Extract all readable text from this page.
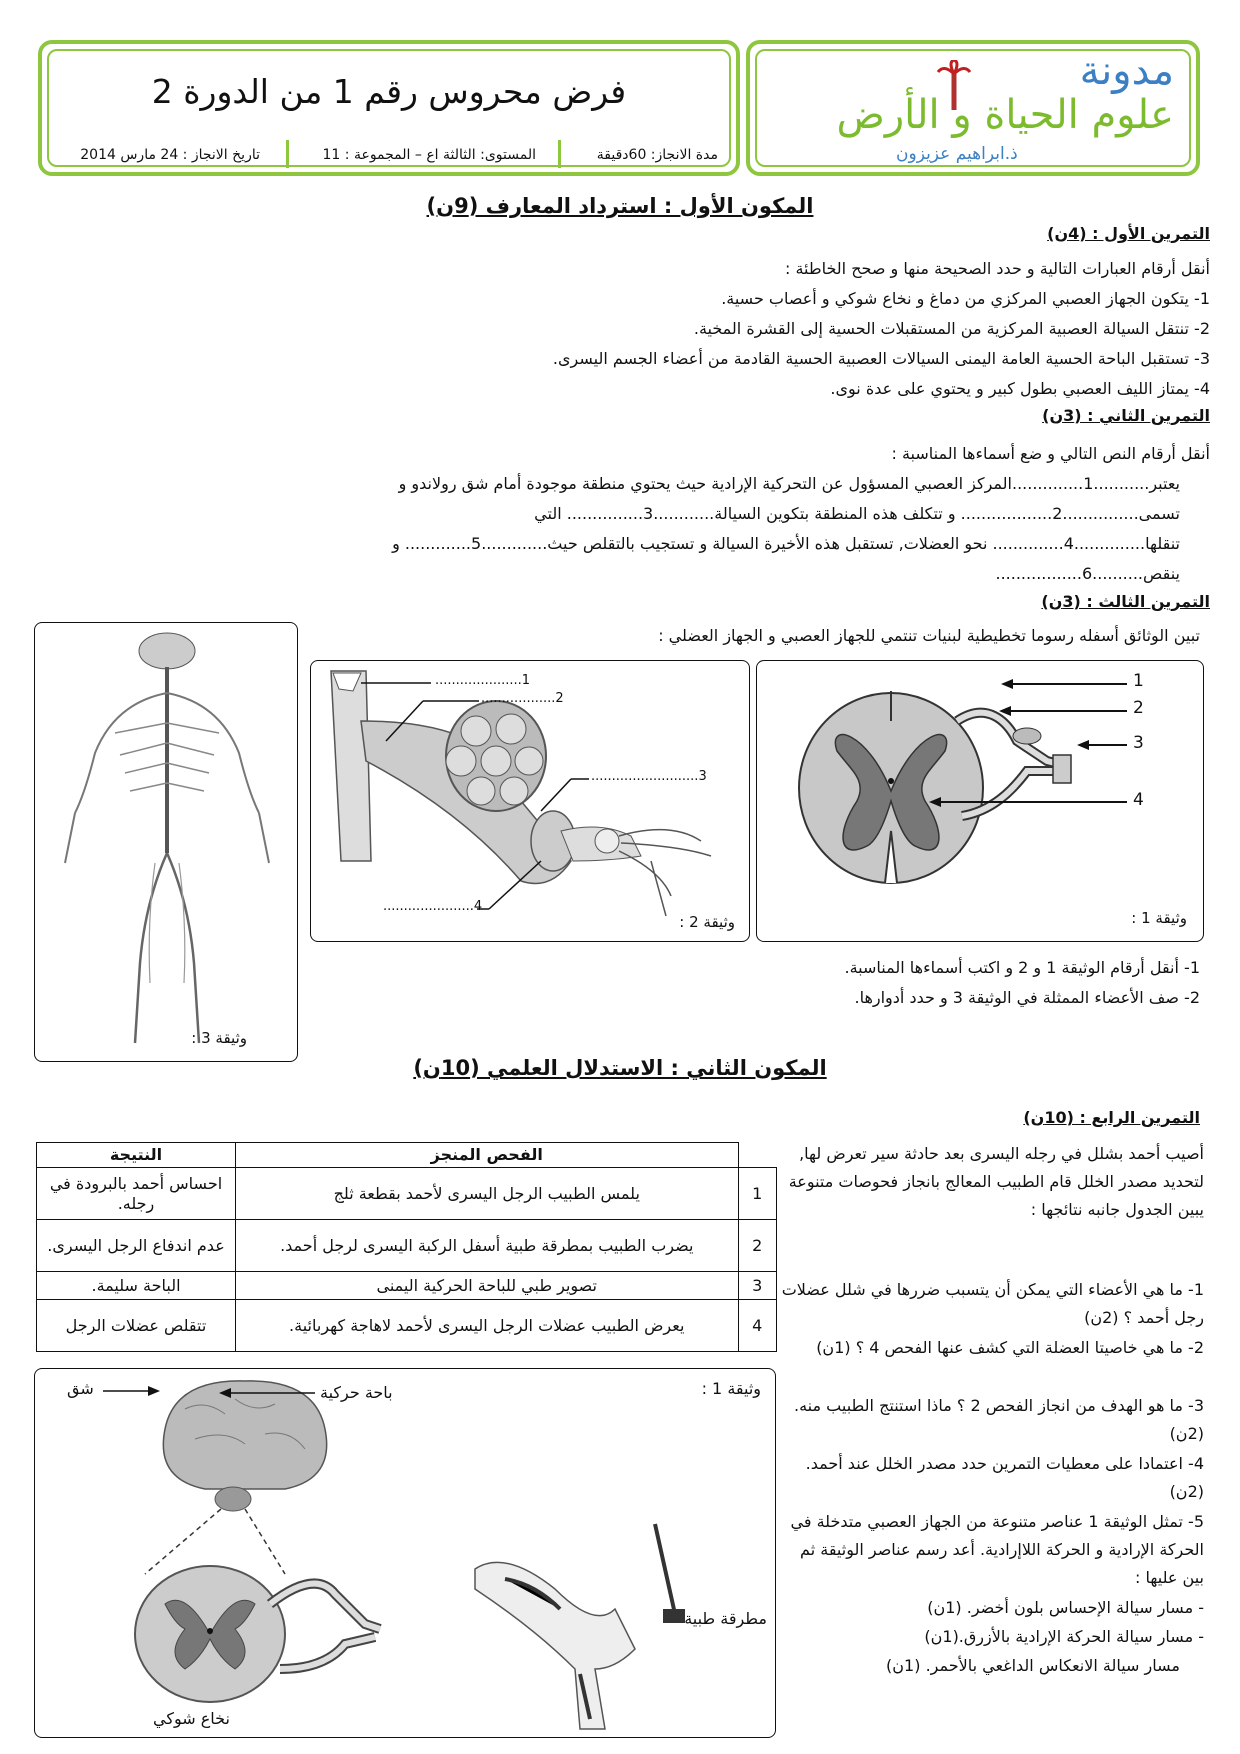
مدونة
علوم الحياة و الأرض
ذ.ابراهيم عزيزون
فرض محروس رقم 1 من الدورة 2
مدة الانجاز: 60دقيقة
المستوى: الثالثة اع – المجموعة : 11
تاريخ الانجاز : 24 مارس 2014
المكون الأول : استرداد المعارف (9ن)
التمرين الأول : (4ن)
أنقل أرقام العبارات التالية و حدد الصحيحة منها و صحح الخاطئة :
1- يتكون الجهاز العصبي المركزي من دماغ و نخاع شوكي و أعصاب حسية.
2- تنتقل السيالة العصبية المركزية من المستقبلات الحسية إلى القشرة المخية.
3- تستقبل الباحة الحسية العامة اليمنى السيالات العصبية الحسية القادمة من أعضاء الجسم اليسرى.
4- يمتاز الليف العصبي بطول كبير و يحتوي على عدة نوى.
التمرين الثاني : (3ن)
أنقل أرقام النص التالي و ضع أسماءها المناسبة :
يعتبر...........1..............المركز العصبي المسؤول عن التحركية الإرادية حيث يحتوي منطقة موجودة أمام شق رولاندو و
تسمى...............2.................. و تتكلف هذه المنطقة بتكوين السيالة............3............... التي
تنقلها..............4.............. نحو العضلات, تستقبل هذه الأخيرة السيالة و تستجيب بالتقلص حيث.............5............. و
ينقص..........6.................
التمرين الثالث : (3ن)
تبين الوثائق أسفله رسوما تخطيطية لبنيات تنتمي للجهاز العصبي و الجهاز العضلي :
1
2
3
4
وثيقة 1 :
.....................1
..................2
..........................3
......................4
وثيقة 2 :
وثيقة 3 :
1- أنقل أرقام الوثيقة 1 و 2 و اكتب أسماءها المناسبة.
2- صف الأعضاء الممثلة في الوثيقة 3 و حدد أدوارها.
المكون الثاني : الاستدلال العلمي (10ن)
التمرين الرابع : (10ن)
أصيب أحمد بشلل في رجله اليسرى بعد حادثة سير تعرض لها, لتحديد مصدر الخلل قام الطبيب المعالج بانجاز فحوصات متنوعة يبين الجدول جانبه نتائجها :
1- ما هي الأعضاء التي يمكن أن يتسبب ضررها في شلل عضلات رجل أحمد ؟ (2ن)
2- ما هي خاصيتا العضلة التي كشف عنها الفحص 4 ؟ (1ن)
3- ما هو الهدف من انجاز الفحص 2 ؟ ماذا استنتج الطبيب منه. (2ن)
4- اعتمادا على معطيات التمرين حدد مصدر الخلل عند أحمد. (2ن)
5- تمثل الوثيقة 1 عناصر متنوعة من الجهاز العصبي متدخلة في الحركة الإرادية و الحركة اللاإرادية. أعد رسم عناصر الوثيقة ثم بين عليها :
- مسار سيالة الإحساس بلون أخضر. (1ن)
- مسار سيالة الحركة الإرادية بالأزرق.(1ن)
مسار سيالة الانعكاس الداغعي بالأحمر. (1ن)
	الفحص المنجز	النتيجة
1	يلمس الطبيب الرجل اليسرى لأحمد بقطعة ثلج	احساس أحمد بالبرودة في رجله.
2	يضرب الطبيب بمطرقة طبية أسفل الركبة اليسرى لرجل أحمد.	عدم اندفاع الرجل اليسرى.
3	تصوير طبي للباحة الحركية اليمنى	الباحة سليمة.
4	يعرض الطبيب عضلات الرجل اليسرى لأحمد لاهاجة كهربائية.	تتقلص عضلات الرجل
شق	باحة حركية	وثيقة 1 :
نخاع شوكي
مطرقة طبية
